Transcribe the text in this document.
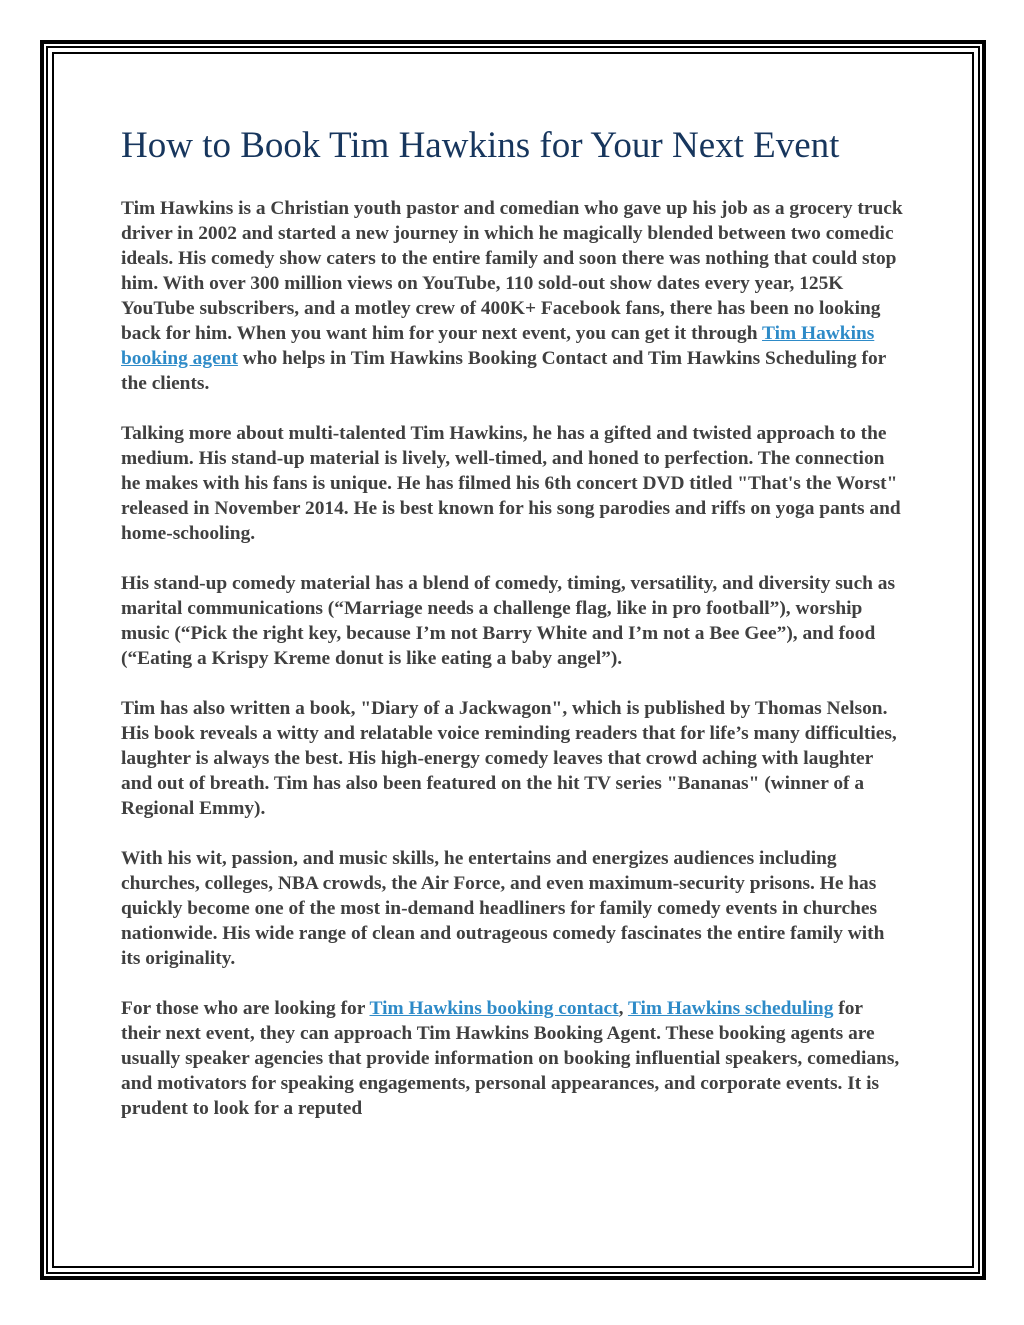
How to Book Tim Hawkins for Your Next Event

Tim Hawkins is a Christian youth pastor and comedian who gave up his job as a grocery truck driver in 2002 and started a new journey in which he magically blended between two comedic ideals. His comedy show caters to the entire family and soon there was nothing that could stop him. With over 300 million views on YouTube, 110 sold-out show dates every year, 125K YouTube subscribers, and a motley crew of 400K+ Facebook fans, there has been no looking back for him. When you want him for your next event, you can get it through Tim Hawkins booking agent who helps in Tim Hawkins Booking Contact and Tim Hawkins Scheduling for the clients.

Talking more about multi-talented Tim Hawkins, he has a gifted and twisted approach to the medium. His stand-up material is lively, well-timed, and honed to perfection. The connection he makes with his fans is unique. He has filmed his 6th concert DVD titled "That's the Worst" released in November 2014. He is best known for his song parodies and riffs on yoga pants and home-schooling.

His stand-up comedy material has a blend of comedy, timing, versatility, and diversity such as marital communications (“Marriage needs a challenge flag, like in pro football”), worship music (“Pick the right key, because I’m not Barry White and I’m not a Bee Gee”), and food (“Eating a Krispy Kreme donut is like eating a baby angel”).

Tim has also written a book, "Diary of a Jackwagon", which is published by Thomas Nelson. His book reveals a witty and relatable voice reminding readers that for life’s many difficulties, laughter is always the best. His high-energy comedy leaves that crowd aching with laughter and out of breath. Tim has also been featured on the hit TV series "Bananas" (winner of a Regional Emmy).

With his wit, passion, and music skills, he entertains and energizes audiences including churches, colleges, NBA crowds, the Air Force, and even maximum-security prisons. He has quickly become one of the most in-demand headliners for family comedy events in churches nationwide. His wide range of clean and outrageous comedy fascinates the entire family with its originality.

For those who are looking for Tim Hawkins booking contact, Tim Hawkins scheduling for their next event, they can approach Tim Hawkins Booking Agent. These booking agents are usually speaker agencies that provide information on booking influential speakers, comedians, and motivators for speaking engagements, personal appearances, and corporate events. It is prudent to look for a reputed
